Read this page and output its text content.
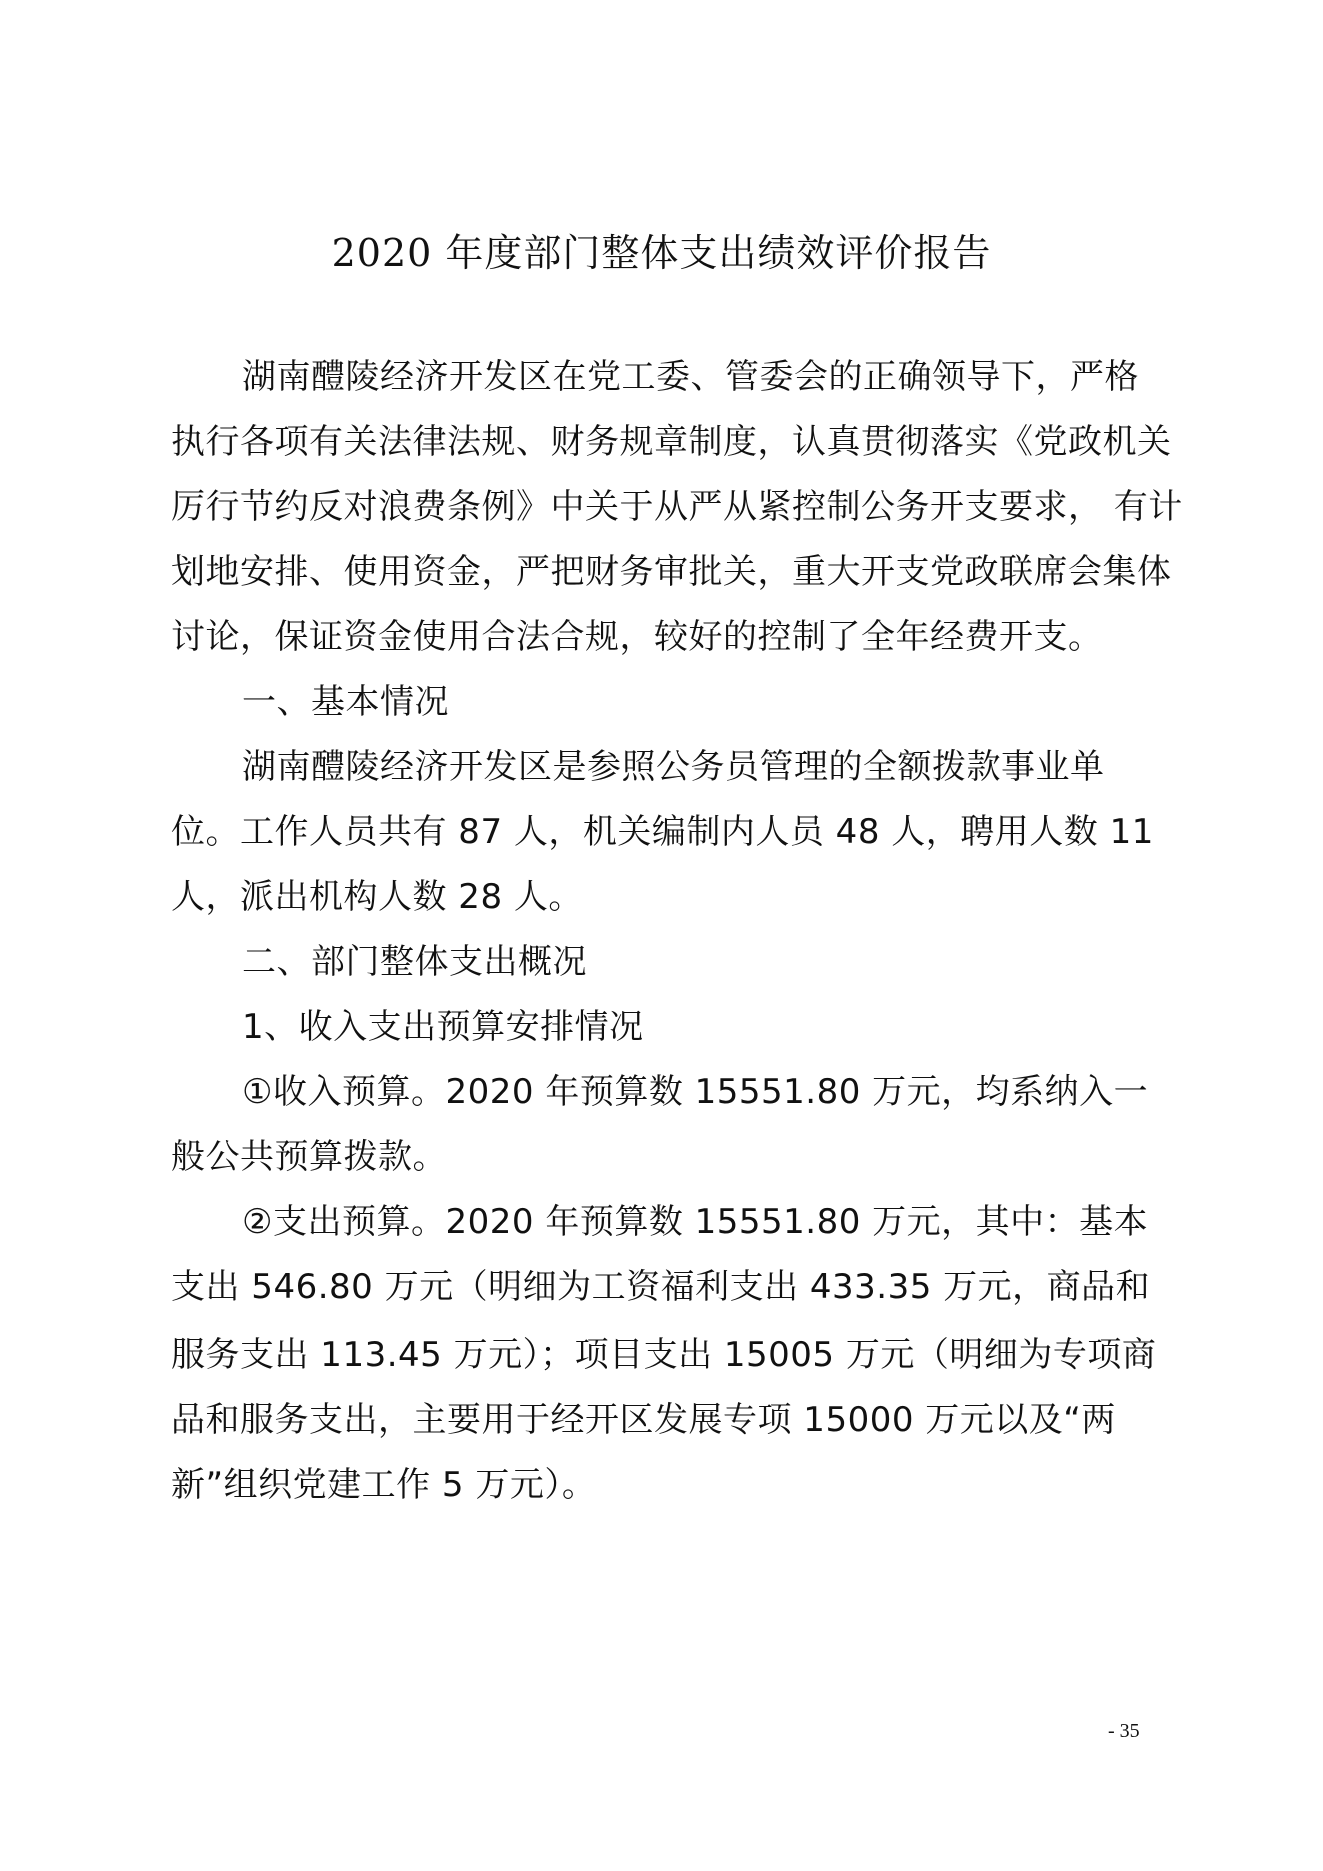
2020 年度部门整体支出绩效评价报告
湖南醴陵经济开发区在党工委、管委会的正确领导下，严格
执行各项有关法律法规、财务规章制度，认真贯彻落实《党政机关
厉行节约反对浪费条例》中关于从严从紧控制公务开支要求， 有计
划地安排、使用资金，严把财务审批关，重大开支党政联席会集体
讨论，保证资金使用合法合规，较好的控制了全年经费开支。
一、基本情况
湖南醴陵经济开发区是参照公务员管理的全额拨款事业单
位。工作人员共有 87 人，机关编制内人员 48 人，聘用人数 11
人，派出机构人数 28 人。
二、部门整体支出概况
1、收入支出预算安排情况
①收入预算。2020 年预算数 15551.80 万元，均系纳入一
般公共预算拨款。
②支出预算。2020 年预算数 15551.80 万元，其中：基本
支出 546.80 万元（明细为工资福利支出 433.35 万元，商品和
服务支出 113.45 万元）；项目支出 15005 万元（明细为专项商
品和服务支出，主要用于经开区发展专项 15000 万元以及“两
新”组织党建工作 5 万元）。
- 35
